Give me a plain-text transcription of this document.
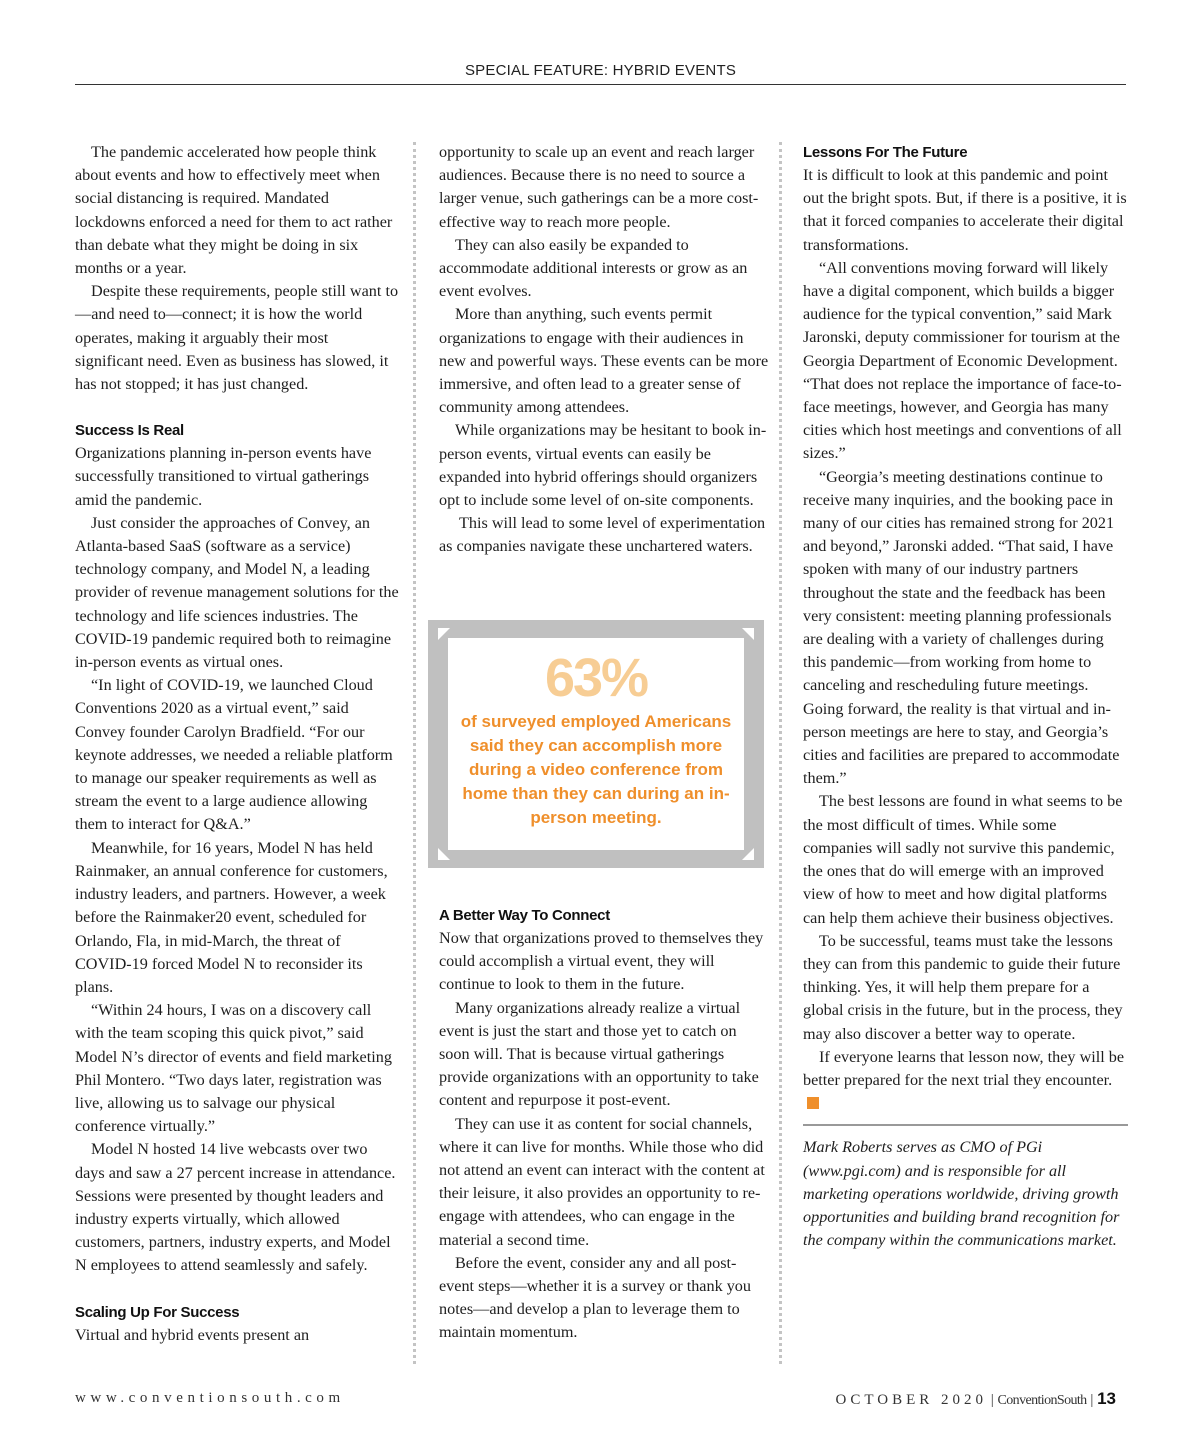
SPECIAL FEATURE: HYBRID EVENTS

The pandemic accelerated how people think about events and how to effectively meet when social distancing is required. Mandated lockdowns enforced a need for them to act rather than debate what they might be doing in six months or a year.

Despite these requirements, people still want to—and need to—connect; it is how the world operates, making it arguably their most significant need. Even as business has slowed, it has not stopped; it has just changed.

Success Is Real

Organizations planning in-person events have successfully transitioned to virtual gatherings amid the pandemic.

Just consider the approaches of Convey, an Atlanta-based SaaS (software as a service) technology company, and Model N, a leading provider of revenue management solutions for the technology and life sciences industries. The COVID-19 pandemic required both to reimagine in-person events as virtual ones.

“In light of COVID-19, we launched Cloud Conventions 2020 as a virtual event,” said Convey founder Carolyn Bradfield. “For our keynote addresses, we needed a reliable platform to manage our speaker requirements as well as stream the event to a large audience allowing them to interact for Q&A.”

Meanwhile, for 16 years, Model N has held Rainmaker, an annual conference for customers, industry leaders, and partners. However, a week before the Rainmaker20 event, scheduled for Orlando, Fla, in mid-March, the threat of COVID-19 forced Model N to reconsider its plans.

“Within 24 hours, I was on a discovery call with the team scoping this quick pivot,” said Model N’s director of events and field marketing Phil Montero. “Two days later, registration was live, allowing us to salvage our physical conference virtually.”

Model N hosted 14 live webcasts over two days and saw a 27 percent increase in attendance. Sessions were presented by thought leaders and industry experts virtually, which allowed customers, partners, industry experts, and Model N employees to attend seamlessly and safely.

Scaling Up For Success

Virtual and hybrid events present an

opportunity to scale up an event and reach larger audiences. Because there is no need to source a larger venue, such gatherings can be a more cost-effective way to reach more people.

They can also easily be expanded to accommodate additional interests or grow as an event evolves.

More than anything, such events permit organizations to engage with their audiences in new and powerful ways. These events can be more immersive, and often lead to a greater sense of community among attendees.

While organizations may be hesitant to book in-person events, virtual events can easily be expanded into hybrid offerings should organizers opt to include some level of on-site components.

This will lead to some level of experimentation as companies navigate these unchartered waters.

A Better Way To Connect

Now that organizations proved to themselves they could accomplish a virtual event, they will continue to look to them in the future.

Many organizations already realize a virtual event is just the start and those yet to catch on soon will. That is because virtual gatherings provide organizations with an opportunity to take content and repurpose it post-event.

They can use it as content for social channels, where it can live for months. While those who did not attend an event can interact with the content at their leisure, it also provides an opportunity to re-engage with attendees, who can engage in the material a second time.

Before the event, consider any and all post-event steps—whether it is a survey or thank you notes—and develop a plan to leverage them to maintain momentum.

63%
of surveyed employed Americans said they can accomplish more during a video conference from home than they can during an in-person meeting.
Lessons For The Future

It is difficult to look at this pandemic and point out the bright spots. But, if there is a positive, it is that it forced companies to accelerate their digital transformations.

“All conventions moving forward will likely have a digital component, which builds a bigger audience for the typical convention,” said Mark Jaronski, deputy commissioner for tourism at the Georgia Department of Economic Development. “That does not replace the importance of face-to-face meetings, however, and Georgia has many cities which host meetings and conventions of all sizes.”

“Georgia’s meeting destinations continue to receive many inquiries, and the booking pace in many of our cities has remained strong for 2021 and beyond,” Jaronski added. “That said, I have spoken with many of our industry partners throughout the state and the feedback has been very consistent: meeting planning professionals are dealing with a variety of challenges during this pandemic—from working from home to canceling and rescheduling future meetings. Going forward, the reality is that virtual and in-person meetings are here to stay, and Georgia’s cities and facilities are prepared to accommodate them.”

The best lessons are found in what seems to be the most difficult of times. While some companies will sadly not survive this pandemic, the ones that do will emerge with an improved view of how to meet and how digital platforms can help them achieve their business objectives.

To be successful, teams must take the lessons they can from this pandemic to guide their future thinking. Yes, it will help them prepare for a global crisis in the future, but in the process, they may also discover a better way to operate.

If everyone learns that lesson now, they will be better prepared for the next trial they encounter.

Mark Roberts serves as CMO of PGi (www.pgi.com) and is responsible for all marketing operations worldwide, driving growth opportunities and building brand recognition for the company within the communications market.

www.conventionsouth.com	OCTOBER 2020 | ConventionSouth | 13
